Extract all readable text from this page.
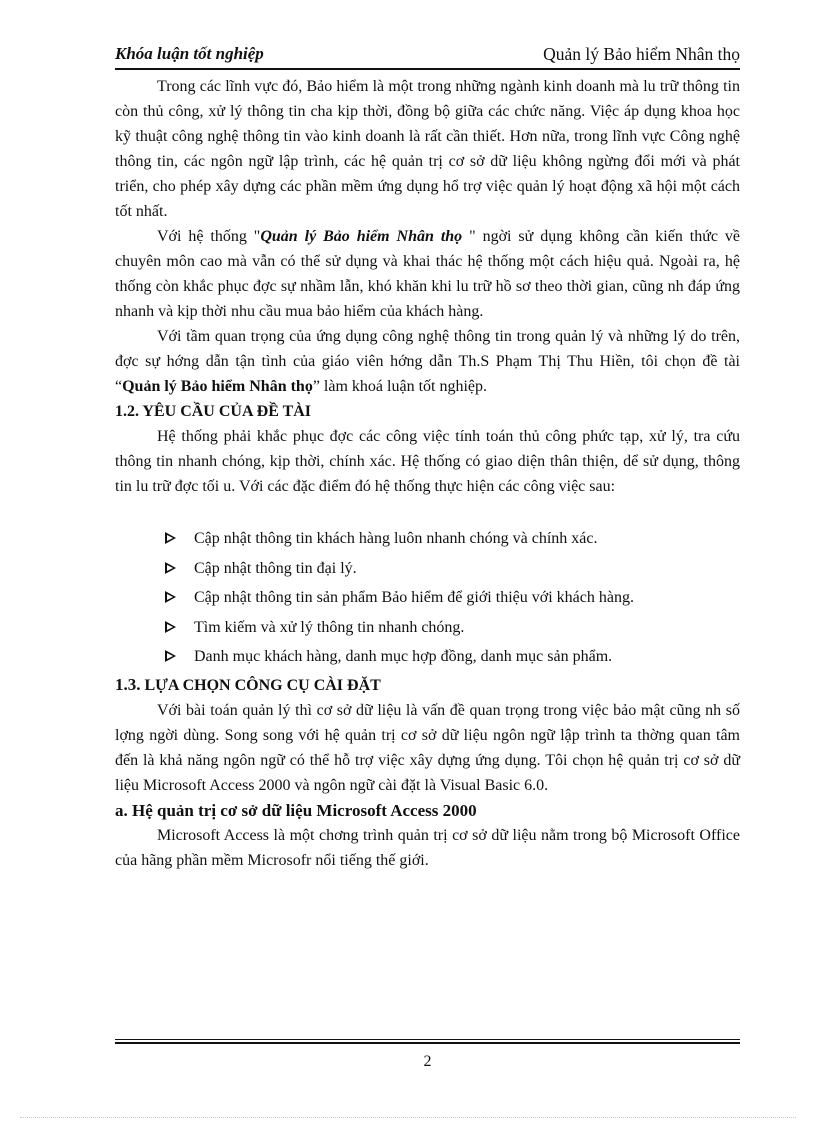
Khóa luận tốt nghiệp	Quản lý Bảo hiểm Nhân thọ

Trong các lĩnh vực đó, Bảo hiểm là một trong những ngành kinh doanh mà lu trữ thông tin còn thủ công, xử lý thông tin cha kịp thời, đồng bộ giữa các chức năng. Việc áp dụng khoa học kỹ thuật công nghệ thông tin vào kinh doanh là rất cần thiết. Hơn nữa, trong lĩnh vực Công nghệ thông tin, các ngôn ngữ lập trình, các hệ quản trị cơ sở dữ liệu không ngừng đổi mới và phát triển, cho phép xây dựng các phần mềm ứng dụng hổ trợ việc quản lý hoạt động xã hội một cách tốt nhất.

Với hệ thống "Quản lý Bảo hiểm Nhân thọ " ngời sử dụng không cần kiến thức về chuyên môn cao mà vẫn có thể sử dụng và khai thác hệ thống một cách hiệu quả. Ngoài ra, hệ thống còn khắc phục đợc sự nhầm lẫn, khó khăn khi lu trữ hồ sơ theo thời gian, cũng nh đáp ứng nhanh và kịp thời nhu cầu mua bảo hiểm của khách hàng.

Với tầm quan trọng của ứng dụng công nghệ thông tin trong quản lý và những lý do trên, đợc sự hớng dẫn tận tình của giáo viên hớng dẫn Th.S Phạm Thị Thu Hiền, tôi chọn đề tài “Quản lý Bảo hiểm Nhân thọ” làm khoá luận tốt nghiệp.

1.2. YÊU CẦU CỦA ĐỀ TÀI

Hệ thống phải khắc phục đợc các công việc tính toán thủ công phức tạp, xử lý, tra cứu thông tin nhanh chóng, kịp thời, chính xác. Hệ thống có giao diện thân thiện, dể sử dụng, thông tin lu trữ đợc tối u. Với các đặc điểm đó hệ thống thực hiện các công việc sau:

Cập nhật thông tin khách hàng luôn nhanh chóng và chính xác.
Cập nhật thông tin đại lý.
Cập nhật thông tin sản phẩm Bảo hiểm để giới thiệu với khách hàng.
Tìm kiếm và xử lý thông tin nhanh chóng.
Danh mục khách hàng, danh mục hợp đồng, danh mục sản phẩm.
1.3. LỰA CHỌN CÔNG CỤ CÀI ĐẶT

Với bài toán quản lý thì cơ sở dữ liệu là vấn đề quan trọng trong việc bảo mật cũng nh số lợng ngời dùng. Song song với hệ quản trị cơ sở dữ liệu ngôn ngữ lập trình ta thờng quan tâm đến là khả năng ngôn ngữ có thể hỗ trợ việc xây dựng ứng dụng. Tôi chọn hệ quản trị cơ sở dữ liệu Microsoft Access 2000 và ngôn ngữ cài đặt là Visual Basic 6.0.

a. Hệ quản trị cơ sở dữ liệu Microsoft Access 2000

Microsoft Access là một chơng trình quản trị cơ sở dữ liệu nằm trong bộ Microsoft Office của hãng phần mềm Microsofr nổi tiếng thế giới.

2
